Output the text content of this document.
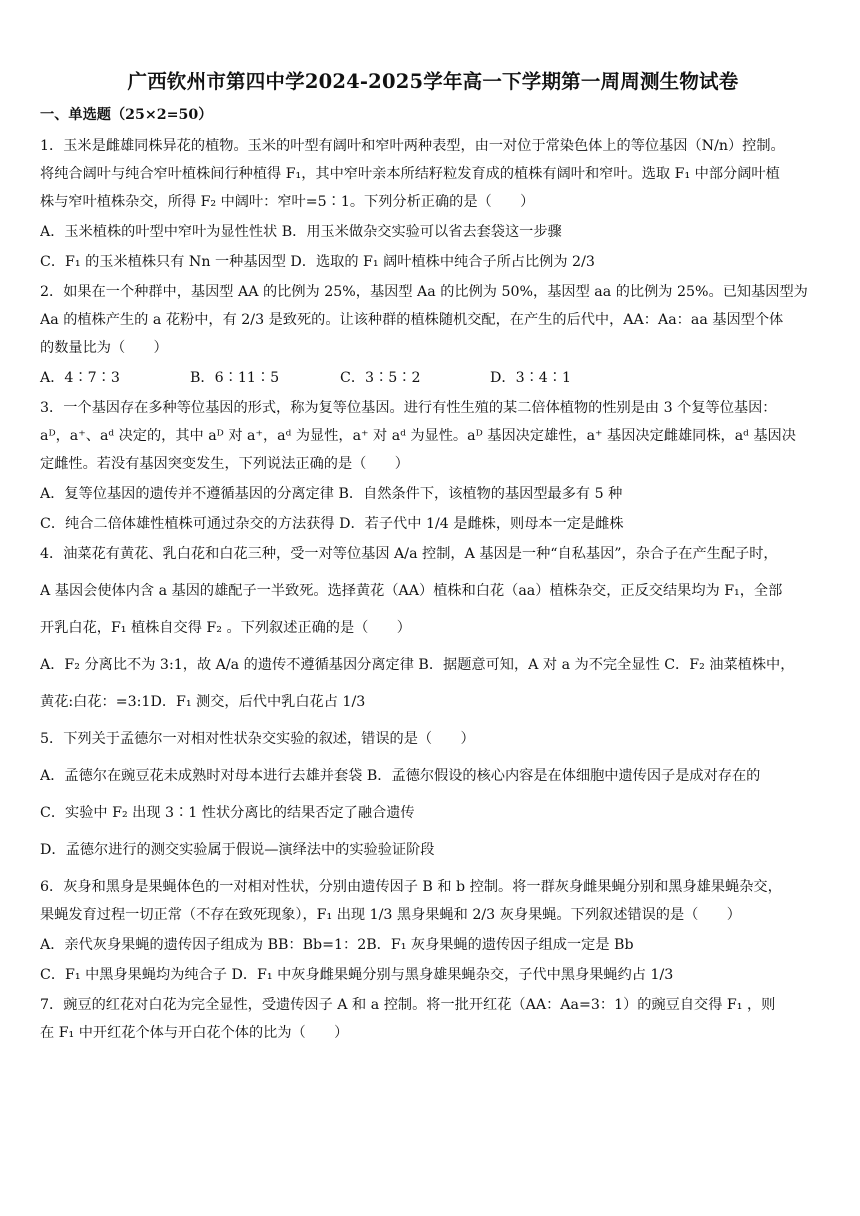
广西钦州市第四中学2024-2025学年高一下学期第一周周测生物试卷
一、单选题（25×2=50）
1．玉米是雌雄同株异花的植物。玉米的叶型有阔叶和窄叶两种表型，由一对位于常染色体上的等位基因（N/n）控制。
将纯合阔叶与纯合窄叶植株间行种植得 F₁，其中窄叶亲本所结籽粒发育成的植株有阔叶和窄叶。选取 F₁ 中部分阔叶植
株与窄叶植株杂交，所得 F₂ 中阔叶：窄叶=5∶1。下列分析正确的是（　　）
A．玉米植株的叶型中窄叶为显性性状 B．用玉米做杂交实验可以省去套袋这一步骤
C．F₁ 的玉米植株只有 Nn 一种基因型 D．选取的 F₁ 阔叶植株中纯合子所占比例为 2/3
2．如果在一个种群中，基因型 AA 的比例为 25%，基因型 Aa 的比例为 50%，基因型 aa 的比例为 25%。已知基因型为
Aa 的植株产生的 a 花粉中，有 2/3 是致死的。让该种群的植株随机交配，在产生的后代中，AA：Aa：aa 基因型个体
的数量比为（　　）
A．4∶7∶3	B．6∶11∶5	C．3∶5∶2	D．3∶4∶1
3．一个基因存在多种等位基因的形式，称为复等位基因。进行有性生殖的某二倍体植物的性别是由 3 个复等位基因：
aᴰ，a⁺、aᵈ 决定的，其中 aᴰ 对 a⁺，aᵈ 为显性，a⁺ 对 aᵈ 为显性。aᴰ 基因决定雄性，a⁺ 基因决定雌雄同株，aᵈ 基因决
定雌性。若没有基因突变发生，下列说法正确的是（　　）
A．复等位基因的遗传并不遵循基因的分离定律 B．自然条件下，该植物的基因型最多有 5 种
C．纯合二倍体雄性植株可通过杂交的方法获得 D．若子代中 1/4 是雌株，则母本一定是雌株
4．油菜花有黄花、乳白花和白花三种，受一对等位基因 A/a 控制，A 基因是一种“自私基因”，杂合子在产生配子时，
A 基因会使体内含 a 基因的雄配子一半致死。选择黄花（AA）植株和白花（aa）植株杂交，正反交结果均为 F₁，全部
开乳白花，F₁ 植株自交得 F₂ 。下列叙述正确的是（　　）
A．F₂ 分离比不为 3:1，故 A/a 的遗传不遵循基因分离定律 B．据题意可知，A 对 a 为不完全显性 C．F₂ 油菜植株中，
黄花:白花：=3:1D．F₁ 测交，后代中乳白花占 1/3
5．下列关于孟德尔一对相对性状杂交实验的叙述，错误的是（　　）
A．孟德尔在豌豆花未成熟时对母本进行去雄并套袋 B．孟德尔假设的核心内容是在体细胞中遗传因子是成对存在的
C．实验中 F₂ 出现 3∶1 性状分离比的结果否定了融合遗传
D．孟德尔进行的测交实验属于假说—演绎法中的实验验证阶段
6．灰身和黑身是果蝇体色的一对相对性状，分别由遗传因子 B 和 b 控制。将一群灰身雌果蝇分别和黑身雄果蝇杂交，
果蝇发育过程一切正常（不存在致死现象），F₁ 出现 1/3 黑身果蝇和 2/3 灰身果蝇。下列叙述错误的是（　　）
A．亲代灰身果蝇的遗传因子组成为 BB：Bb=1：2B．F₁ 灰身果蝇的遗传因子组成一定是 Bb
C．F₁ 中黑身果蝇均为纯合子 D．F₁ 中灰身雌果蝇分别与黑身雄果蝇杂交，子代中黑身果蝇约占 1/3
7．豌豆的红花对白花为完全显性，受遗传因子 A 和 a 控制。将一批开红花（AA：Aa=3：1）的豌豆自交得 F₁ ，则
在 F₁ 中开红花个体与开白花个体的比为（　　）
